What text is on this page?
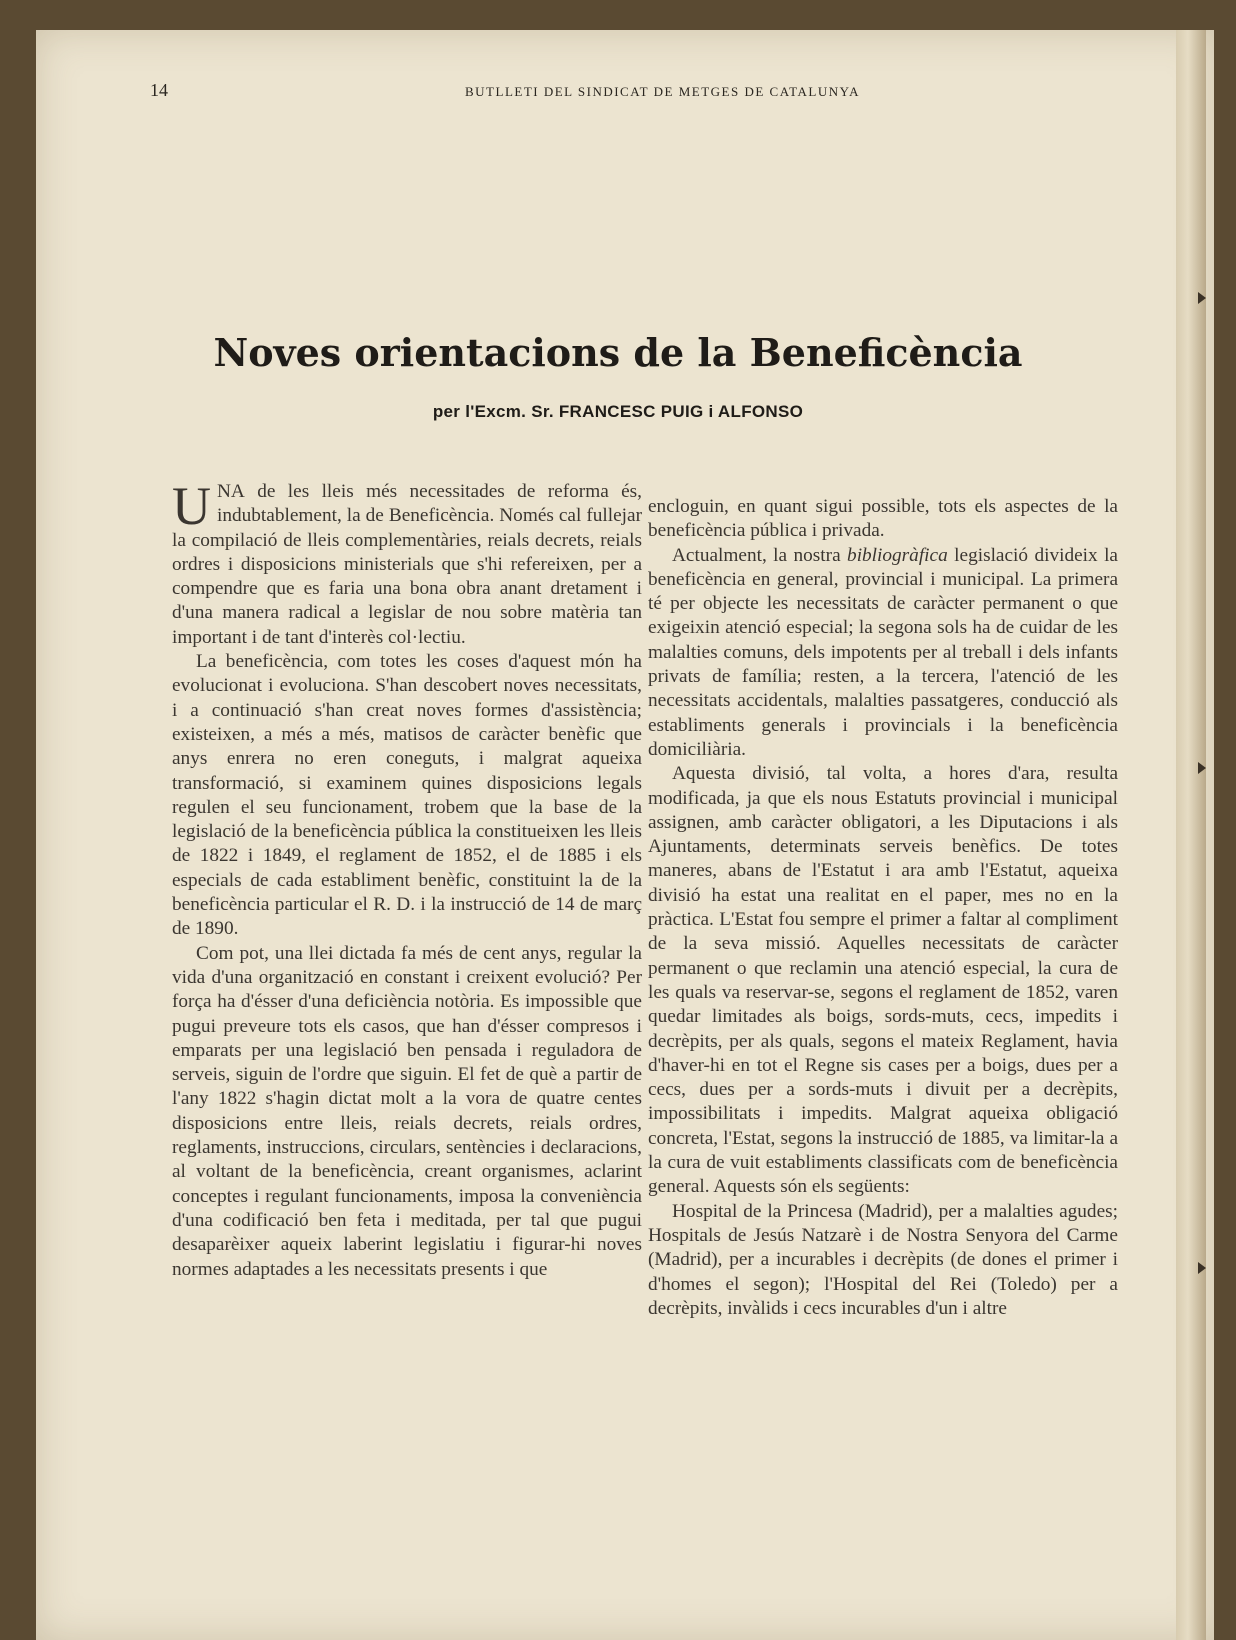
14	BUTLLETI DEL SINDICAT DE METGES DE CATALUNYA
Noves orientacions de la Beneficència
per l'Excm. Sr. FRANCESC PUIG i ALFONSO

UNA de les lleis més necessitades de reforma és, indubtablement, la de Beneficència. Només cal fullejar la compilació de lleis complementàries, reials decrets, reials ordres i disposicions ministerials que s'hi refereixen, per a compendre que es faria una bona obra anant dretament i d'una manera radical a legislar de nou sobre matèria tan important i de tant d'interès col·lectiu.

La beneficència, com totes les coses d'aquest món ha evolucionat i evoluciona. S'han descobert noves necessitats, i a continuació s'han creat noves formes d'assistència; existeixen, a més a més, matisos de caràcter benèfic que anys enrera no eren coneguts, i malgrat aqueixa transformació, si examinem quines disposicions legals regulen el seu funcionament, trobem que la base de la legislació de la beneficència pública la constitueixen les lleis de 1822 i 1849, el reglament de 1852, el de 1885 i els especials de cada establiment benèfic, constituint la de la beneficència particular el R. D. i la instrucció de 14 de març de 1890.

Com pot, una llei dictada fa més de cent anys, regular la vida d'una organització en constant i creixent evolució? Per força ha d'ésser d'una deficiència notòria. Es impossible que pugui preveure tots els casos, que han d'ésser compresos i emparats per una legislació ben pensada i reguladora de serveis, siguin de l'ordre que siguin. El fet de què a partir de l'any 1822 s'hagin dictat molt a la vora de quatre centes disposicions entre lleis, reials decrets, reials ordres, reglaments, instruccions, circulars, sentències i declaracions, al voltant de la beneficència, creant organismes, aclarint conceptes i regulant funcionaments, imposa la conveniència d'una codificació ben feta i meditada, per tal que pugui desaparèixer aqueix laberint legislatiu i figurar-hi noves normes adaptades a les necessitats presents i que

encloguin, en quant sigui possible, tots els aspectes de la beneficència pública i privada.

Actualment, la nostra bibliogràfica legislació divideix la beneficència en general, provincial i municipal. La primera té per objecte les necessitats de caràcter permanent o que exigeixin atenció especial; la segona sols ha de cuidar de les malalties comuns, dels impotents per al treball i dels infants privats de família; resten, a la tercera, l'atenció de les necessitats accidentals, malalties passatgeres, conducció als establiments generals i provincials i la beneficència domiciliària.

Aquesta divisió, tal volta, a hores d'ara, resulta modificada, ja que els nous Estatuts provincial i municipal assignen, amb caràcter obligatori, a les Diputacions i als Ajuntaments, determinats serveis benèfics. De totes maneres, abans de l'Estatut i ara amb l'Estatut, aqueixa divisió ha estat una realitat en el paper, mes no en la pràctica. L'Estat fou sempre el primer a faltar al compliment de la seva missió. Aquelles necessitats de caràcter permanent o que reclamin una atenció especial, la cura de les quals va reservar-se, segons el reglament de 1852, varen quedar limitades als boigs, sords-muts, cecs, impedits i decrèpits, per als quals, segons el mateix Reglament, havia d'haver-hi en tot el Regne sis cases per a boigs, dues per a cecs, dues per a sords-muts i divuit per a decrèpits, impossibilitats i impedits. Malgrat aqueixa obligació concreta, l'Estat, segons la instrucció de 1885, va limitar-la a la cura de vuit establiments classificats com de beneficència general. Aquests són els següents:

Hospital de la Princesa (Madrid), per a malalties agudes; Hospitals de Jesús Natzarè i de Nostra Senyora del Carme (Madrid), per a incurables i decrèpits (de dones el primer i d'homes el segon); l'Hospital del Rei (Toledo) per a decrèpits, invàlids i cecs incurables d'un i altre
